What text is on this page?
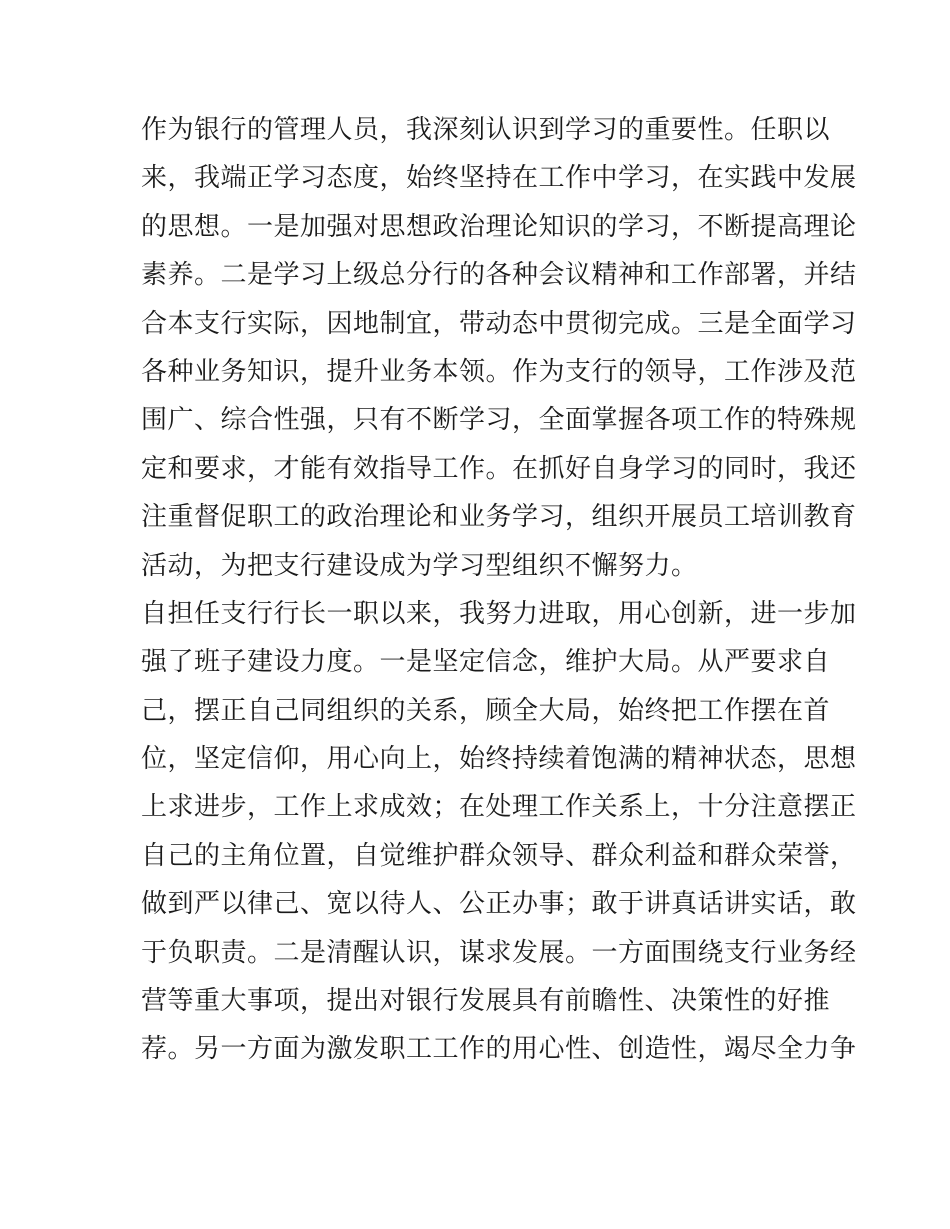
作为银行的管理人员，我深刻认识到学习的重要性。任职以
来，我端正学习态度，始终坚持在工作中学习，在实践中发展
的思想。一是加强对思想政治理论知识的学习，不断提高理论
素养。二是学习上级总分行的各种会议精神和工作部署，并结
合本支行实际，因地制宜，带动态中贯彻完成。三是全面学习
各种业务知识，提升业务本领。作为支行的领导，工作涉及范
围广、综合性强，只有不断学习，全面掌握各项工作的特殊规
定和要求，才能有效指导工作。在抓好自身学习的同时，我还
注重督促职工的政治理论和业务学习，组织开展员工培训教育
活动，为把支行建设成为学习型组织不懈努力。
自担任支行行长一职以来，我努力进取，用心创新，进一步加
强了班子建设力度。一是坚定信念，维护大局。从严要求自
己，摆正自己同组织的关系，顾全大局，始终把工作摆在首
位，坚定信仰，用心向上，始终持续着饱满的精神状态，思想
上求进步，工作上求成效；在处理工作关系上，十分注意摆正
自己的主角位置，自觉维护群众领导、群众利益和群众荣誉，
做到严以律己、宽以待人、公正办事；敢于讲真话讲实话，敢
于负职责。二是清醒认识，谋求发展。一方面围绕支行业务经
营等重大事项，提出对银行发展具有前瞻性、决策性的好推
荐。另一方面为激发职工工作的用心性、创造性，竭尽全力争
